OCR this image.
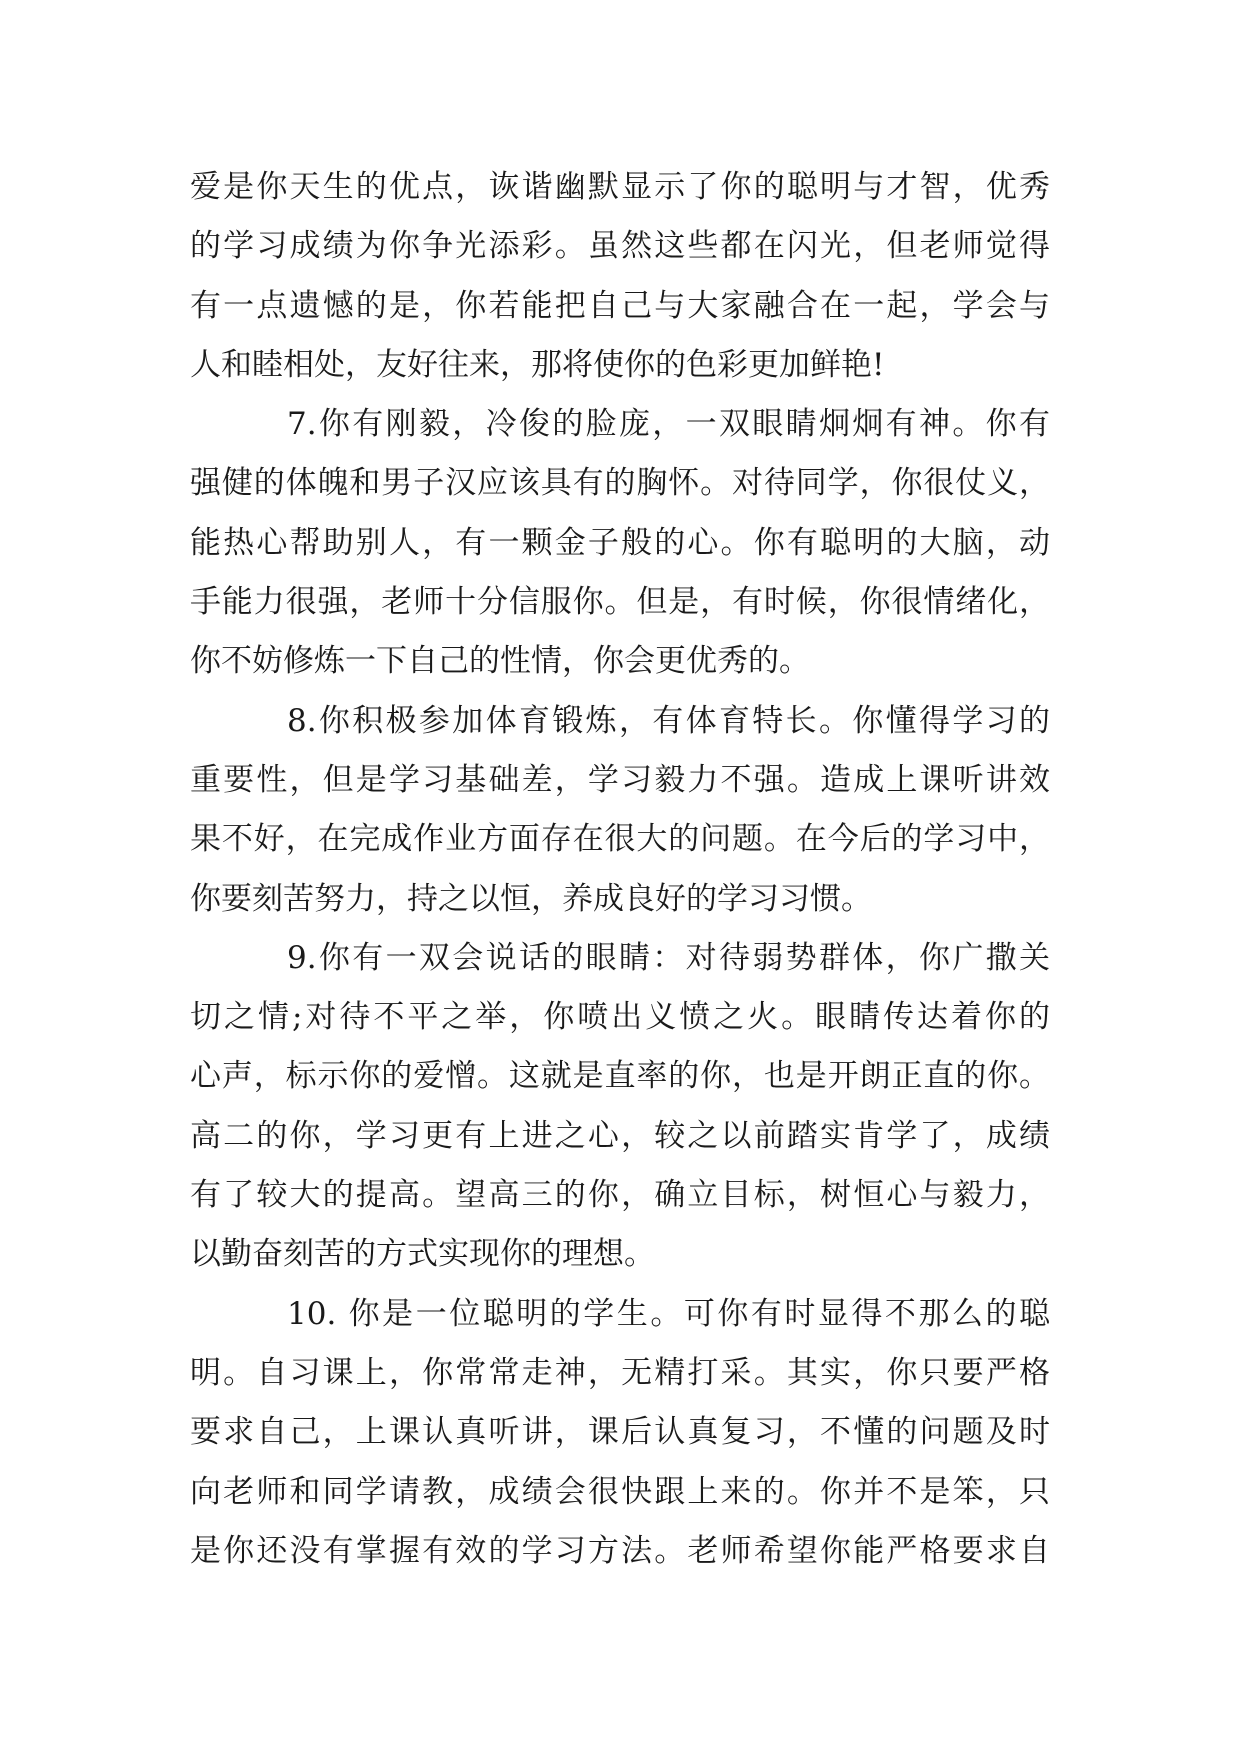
爱是你天生的优点，诙谐幽默显示了你的聪明与才智，优秀
的学习成绩为你争光添彩。虽然这些都在闪光，但老师觉得
有一点遗憾的是，你若能把自己与大家融合在一起，学会与
人和睦相处，友好往来，那将使你的色彩更加鲜艳!
7.你有刚毅，冷俊的脸庞，一双眼睛炯炯有神。你有
强健的体魄和男子汉应该具有的胸怀。对待同学，你很仗义，
能热心帮助别人，有一颗金子般的心。你有聪明的大脑，动
手能力很强，老师十分信服你。但是，有时候，你很情绪化，
你不妨修炼一下自己的性情，你会更优秀的。
8.你积极参加体育锻炼，有体育特长。你懂得学习的
重要性，但是学习基础差，学习毅力不强。造成上课听讲效
果不好，在完成作业方面存在很大的问题。在今后的学习中，
你要刻苦努力，持之以恒，养成良好的学习习惯。
9.你有一双会说话的眼睛：对待弱势群体，你广撒关
切之情;对待不平之举，你喷出义愤之火。眼睛传达着你的
心声，标示你的爱憎。这就是直率的你，也是开朗正直的你。
高二的你，学习更有上进之心，较之以前踏实肯学了，成绩
有了较大的提高。望高三的你，确立目标，树恒心与毅力，
以勤奋刻苦的方式实现你的理想。
10. 你是一位聪明的学生。可你有时显得不那么的聪
明。自习课上，你常常走神，无精打采。其实，你只要严格
要求自己，上课认真听讲，课后认真复习，不懂的问题及时
向老师和同学请教，成绩会很快跟上来的。你并不是笨，只
是你还没有掌握有效的学习方法。老师希望你能严格要求自
